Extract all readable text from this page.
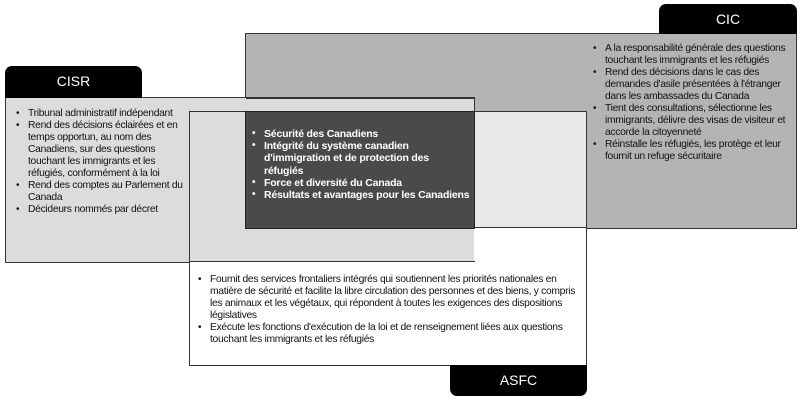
CIC
CISR
ASFC
• Tribunal administratif indépendant
• Rend des décisions éclairées et en temps opportun, au nom des Canadiens, sur des questions touchant les immigrants et les réfugiés, conformément à la loi
• Rend des comptes au Parlement du Canada
• Décideurs nommés par décret
• A la responsabilité générale des questions touchant les immigrants et les réfugiés
• Rend des décisions dans le cas des demandes d'asile présentées à l'étranger dans les ambassades du Canada
• Tient des consultations, sélectionne les immigrants, délivre des visas de visiteur et accorde la citoyenneté
• Réinstalle les réfugiés, les protège et leur fournit un refuge sécuritaire
• Sécurité des Canadiens
• Intégrité du système canadien d'immigration et de protection des réfugiés
• Force et diversité du Canada
• Résultats et avantages pour les Canadiens
• Fournit des services frontaliers intégrés qui soutiennent les priorités nationales en matière de sécurité et facilite la libre circulation des personnes et des biens, y compris les animaux et les végétaux, qui répondent à toutes les exigences des dispositions législatives
• Exécute les fonctions d'exécution de la loi et de renseignement liées aux questions touchant les immigrants et les réfugiés
